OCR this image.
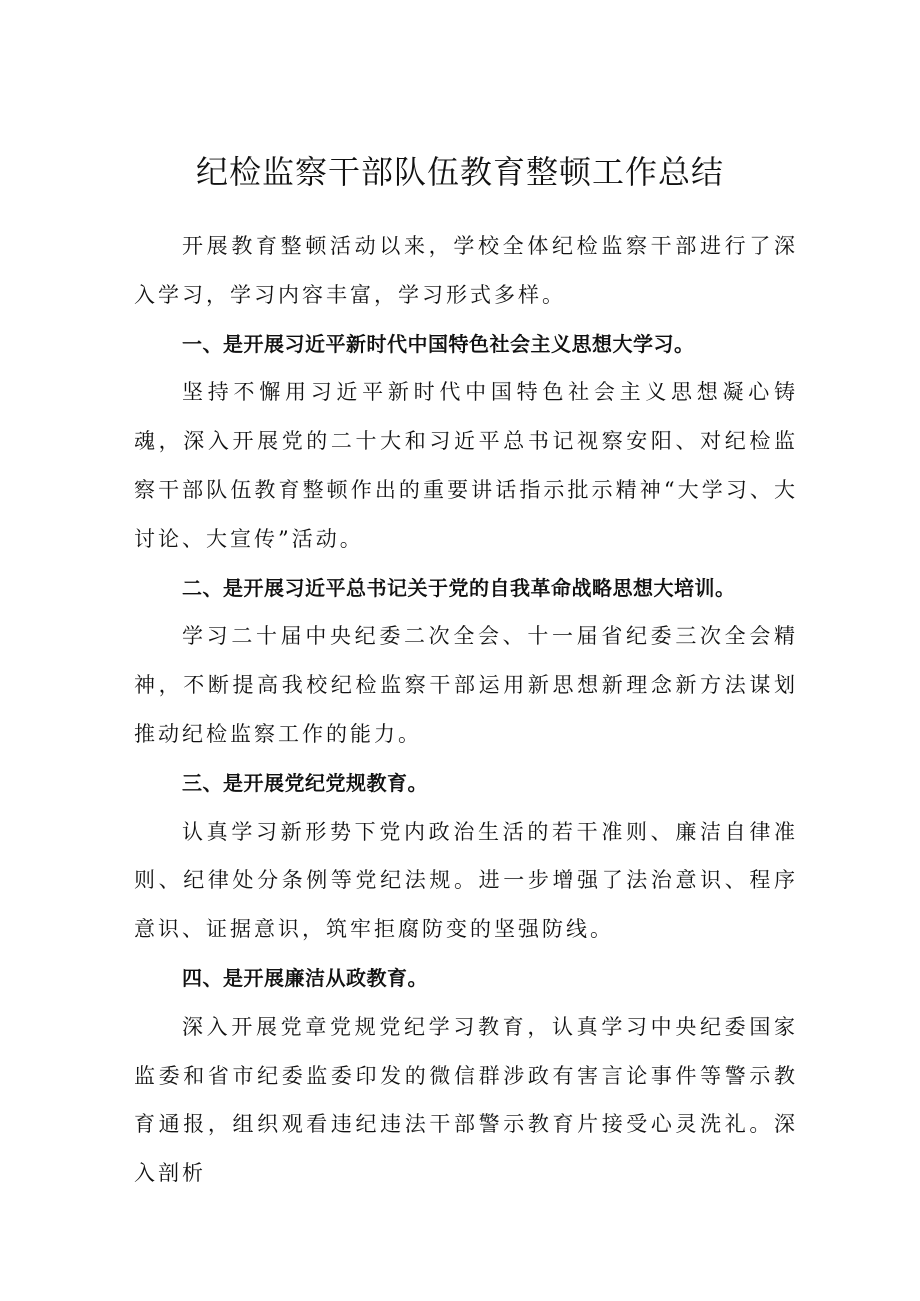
纪检监察干部队伍教育整顿工作总结

开展教育整顿活动以来，学校全体纪检监察干部进行了深入学习，学习内容丰富，学习形式多样。

一、是开展习近平新时代中国特色社会主义思想大学习。

坚持不懈用习近平新时代中国特色社会主义思想凝心铸魂，深入开展党的二十大和习近平总书记视察安阳、对纪检监察干部队伍教育整顿作出的重要讲话指示批示精神“大学习、大讨论、大宣传”活动。

二、是开展习近平总书记关于党的自我革命战略思想大培训。

学习二十届中央纪委二次全会、十一届省纪委三次全会精神，不断提高我校纪检监察干部运用新思想新理念新方法谋划推动纪检监察工作的能力。

三、是开展党纪党规教育。

认真学习新形势下党内政治生活的若干准则、廉洁自律准则、纪律处分条例等党纪法规。进一步增强了法治意识、程序意识、证据意识，筑牢拒腐防变的坚强防线。

四、是开展廉洁从政教育。

深入开展党章党规党纪学习教育，认真学习中央纪委国家监委和省市纪委监委印发的微信群涉政有害言论事件等警示教育通报，组织观看违纪违法干部警示教育片接受心灵洗礼。深入剖析
